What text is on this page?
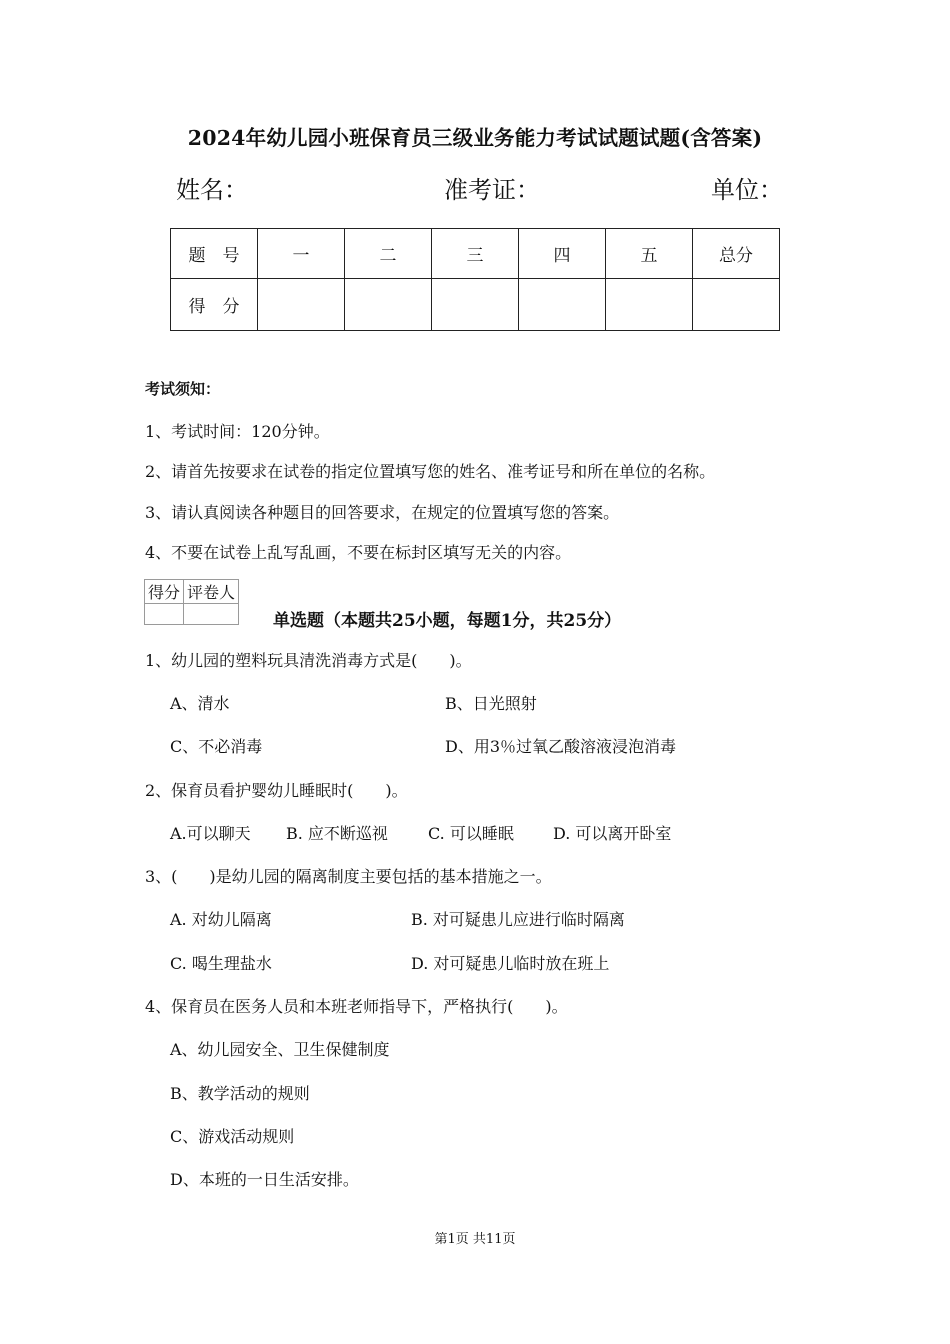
2024年幼儿园小班保育员三级业务能力考试试题试题(含答案)
姓名：	准考证：	单位：
题　号	一	二	三	四	五	总分
得　分						
考试须知：
1、考试时间：120分钟。
2、请首先按要求在试卷的指定位置填写您的姓名、准考证号和所在单位的名称。
3、请认真阅读各种题目的回答要求，在规定的位置填写您的答案。
4、不要在试卷上乱写乱画，不要在标封区填写无关的内容。
得分	评卷人

单选题（本题共25小题，每题1分，共25分）
1、幼儿园的塑料玩具清洗消毒方式是(　　)。
A、清水	B、日光照射
C、不必消毒	D、用3％过氧乙酸溶液浸泡消毒
2、保育员看护婴幼儿睡眠时(　　)。
A.可以聊天 B. 应不断巡视	C. 可以睡眠 D. 可以离开卧室
3、(　　)是幼儿园的隔离制度主要包括的基本措施之一。
A. 对幼儿隔离	B. 对可疑患儿应进行临时隔离
C. 喝生理盐水	D. 对可疑患儿临时放在班上
4、保育员在医务人员和本班老师指导下，严格执行(　　)。
A、幼儿园安全、卫生保健制度
B、教学活动的规则
C、游戏活动规则
D、本班的一日生活安排。
第1页 共11页
